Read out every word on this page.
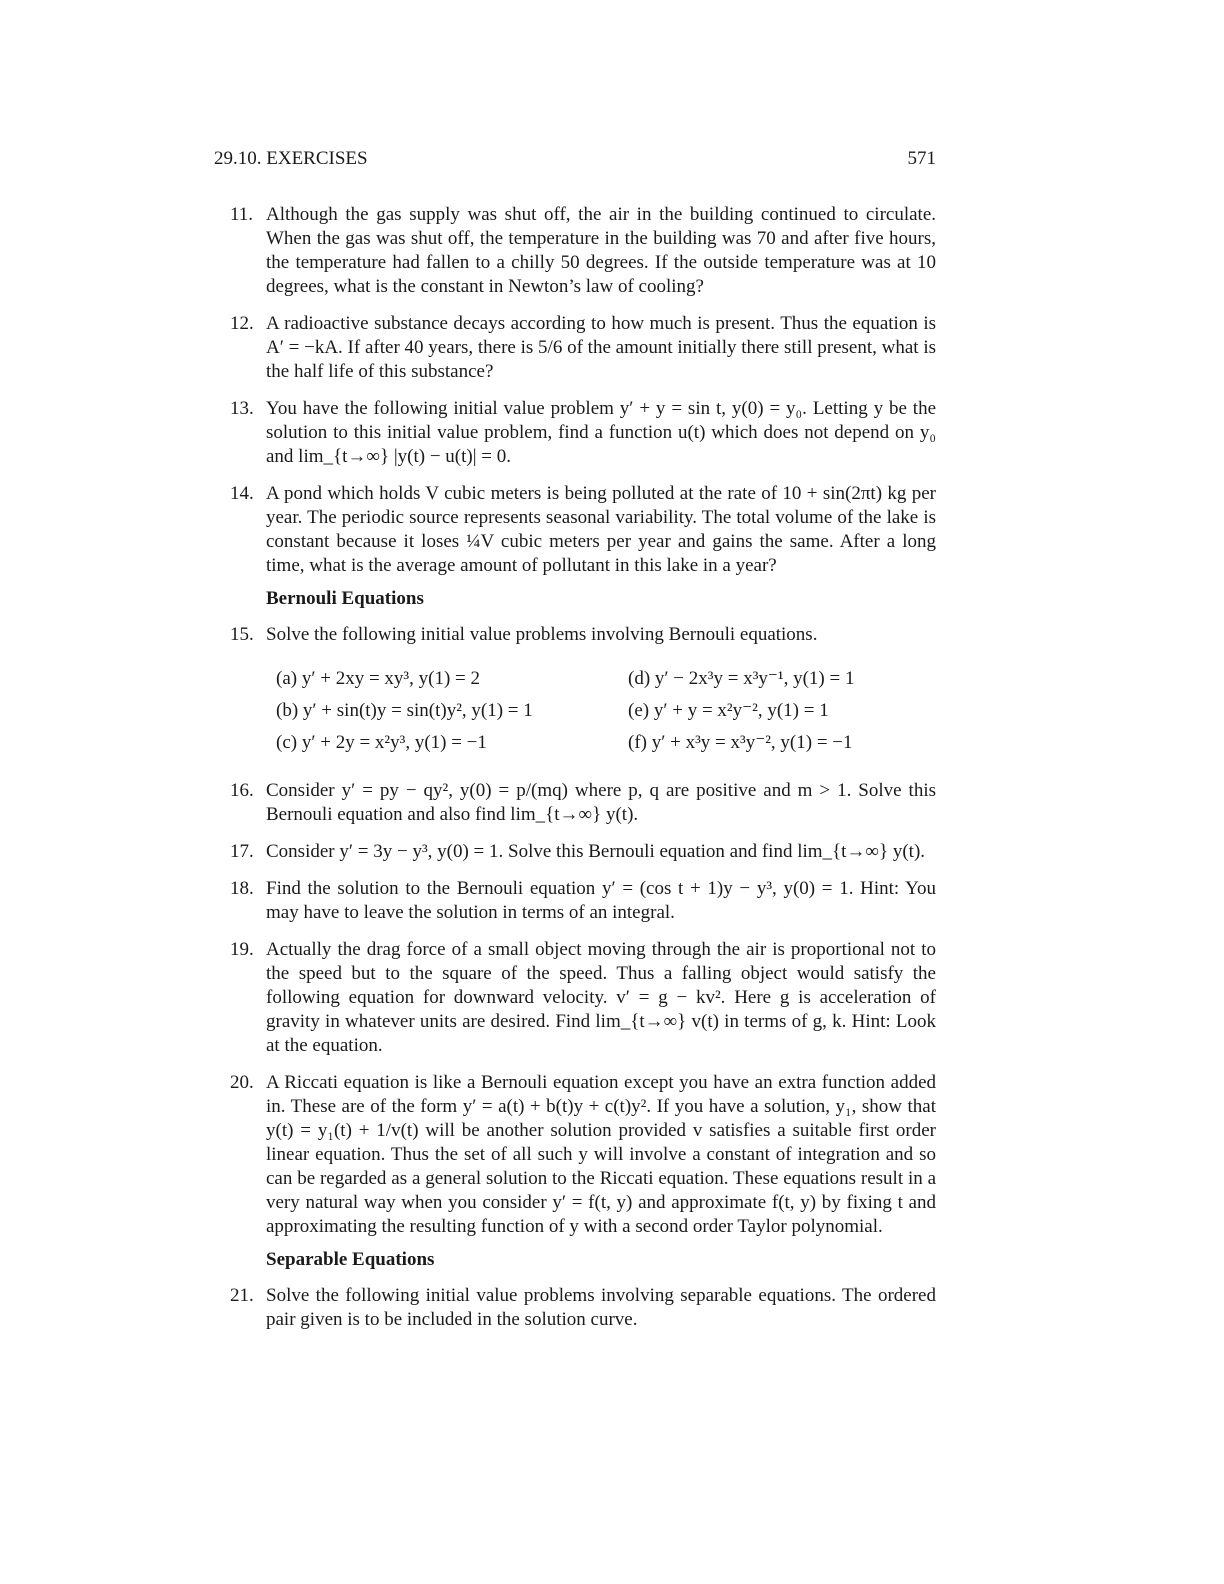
29.10. EXERCISES	571
11. Although the gas supply was shut off, the air in the building continued to circulate. When the gas was shut off, the temperature in the building was 70 and after five hours, the temperature had fallen to a chilly 50 degrees. If the outside temperature was at 10 degrees, what is the constant in Newton’s law of cooling?
12. A radioactive substance decays according to how much is present. Thus the equation is A′ = −kA. If after 40 years, there is 5/6 of the amount initially there still present, what is the half life of this substance?
13. You have the following initial value problem y′ + y = sin t, y(0) = y₀. Letting y be the solution to this initial value problem, find a function u(t) which does not depend on y₀ and lim_{t→∞} |y(t) − u(t)| = 0.
14. A pond which holds V cubic meters is being polluted at the rate of 10 + sin(2πt) kg per year. The periodic source represents seasonal variability. The total volume of the lake is constant because it loses ¼V cubic meters per year and gains the same. After a long time, what is the average amount of pollutant in this lake in a year?
Bernouli Equations
15. Solve the following initial value problems involving Bernouli equations.
(a) y′ + 2xy = xy³, y(1) = 2	(d) y′ − 2x³y = x³y⁻¹, y(1) = 1
(b) y′ + sin(t)y = sin(t)y², y(1) = 1	(e) y′ + y = x²y⁻², y(1) = 1
(c) y′ + 2y = x²y³, y(1) = −1	(f) y′ + x³y = x³y⁻², y(1) = −1
16. Consider y′ = py − qy², y(0) = p/(mq) where p, q are positive and m > 1. Solve this Bernouli equation and also find lim_{t→∞} y(t).
17. Consider y′ = 3y − y³, y(0) = 1. Solve this Bernouli equation and find lim_{t→∞} y(t).
18. Find the solution to the Bernouli equation y′ = (cos t + 1)y − y³, y(0) = 1. Hint: You may have to leave the solution in terms of an integral.
19. Actually the drag force of a small object moving through the air is proportional not to the speed but to the square of the speed. Thus a falling object would satisfy the following equation for downward velocity. v′ = g − kv². Here g is acceleration of gravity in whatever units are desired. Find lim_{t→∞} v(t) in terms of g, k. Hint: Look at the equation.
20. A Riccati equation is like a Bernouli equation except you have an extra function added in. These are of the form y′ = a(t) + b(t)y + c(t)y². If you have a solution, y₁, show that y(t) = y₁(t) + 1/v(t) will be another solution provided v satisfies a suitable first order linear equation. Thus the set of all such y will involve a constant of integration and so can be regarded as a general solution to the Riccati equation. These equations result in a very natural way when you consider y′ = f(t, y) and approximate f(t, y) by fixing t and approximating the resulting function of y with a second order Taylor polynomial.
Separable Equations
21. Solve the following initial value problems involving separable equations. The ordered pair given is to be included in the solution curve.
